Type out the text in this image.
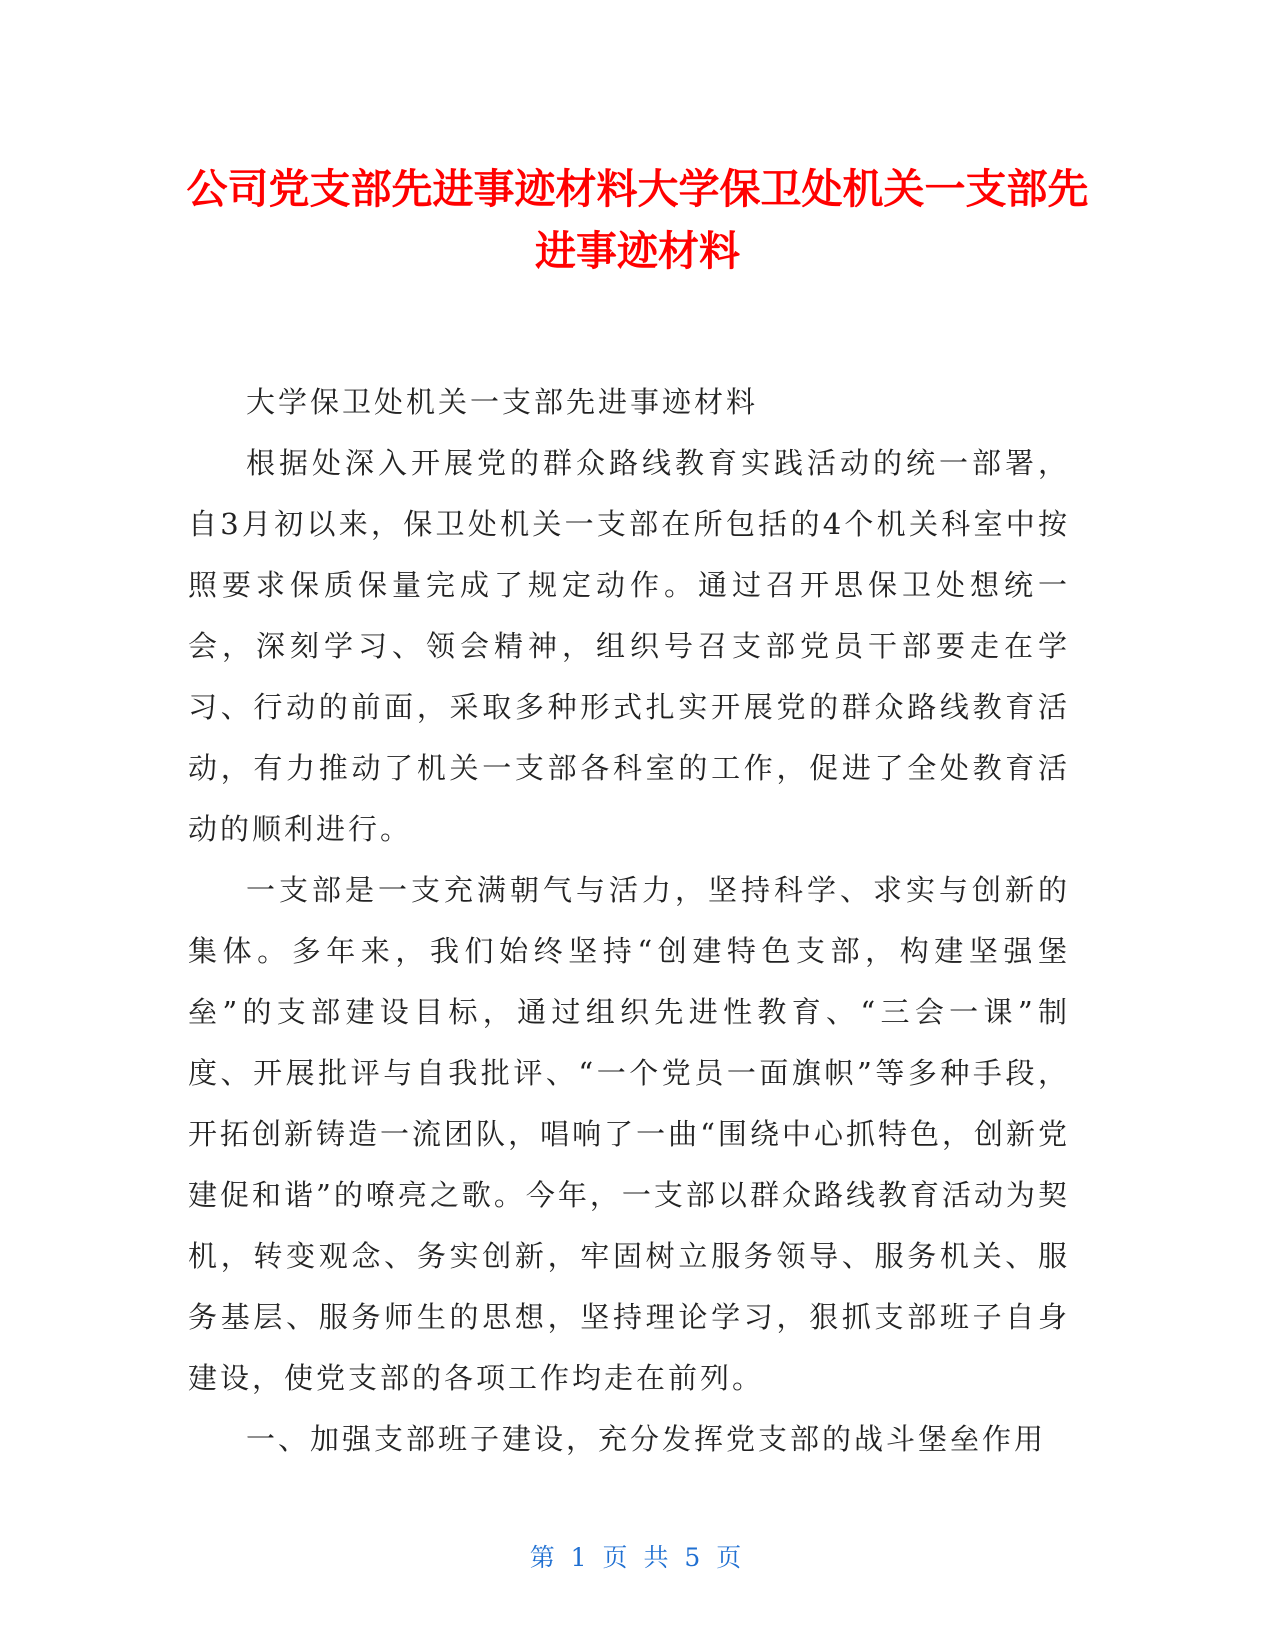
公司党支部先进事迹材料大学保卫处机关一支部先进事迹材料

大学保卫处机关一支部先进事迹材料

根据处深入开展党的群众路线教育实践活动的统一部署，自3月初以来，保卫处机关一支部在所包括的4个机关科室中按照要求保质保量完成了规定动作。通过召开思保卫处想统一会，深刻学习、领会精神，组织号召支部党员干部要走在学习、行动的前面，采取多种形式扎实开展党的群众路线教育活动，有力推动了机关一支部各科室的工作，促进了全处教育活动的顺利进行。

一支部是一支充满朝气与活力，坚持科学、求实与创新的集体。多年来，我们始终坚持“创建特色支部，构建坚强堡垒”的支部建设目标，通过组织先进性教育、“三会一课”制度、开展批评与自我批评、“一个党员一面旗帜”等多种手段，开拓创新铸造一流团队，唱响了一曲“围绕中心抓特色，创新党建促和谐”的嘹亮之歌。今年，一支部以群众路线教育活动为契机，转变观念、务实创新，牢固树立服务领导、服务机关、服务基层、服务师生的思想，坚持理论学习，狠抓支部班子自身建设，使党支部的各项工作均走在前列。

一、加强支部班子建设，充分发挥党支部的战斗堡垒作用

第 1 页 共 5 页
